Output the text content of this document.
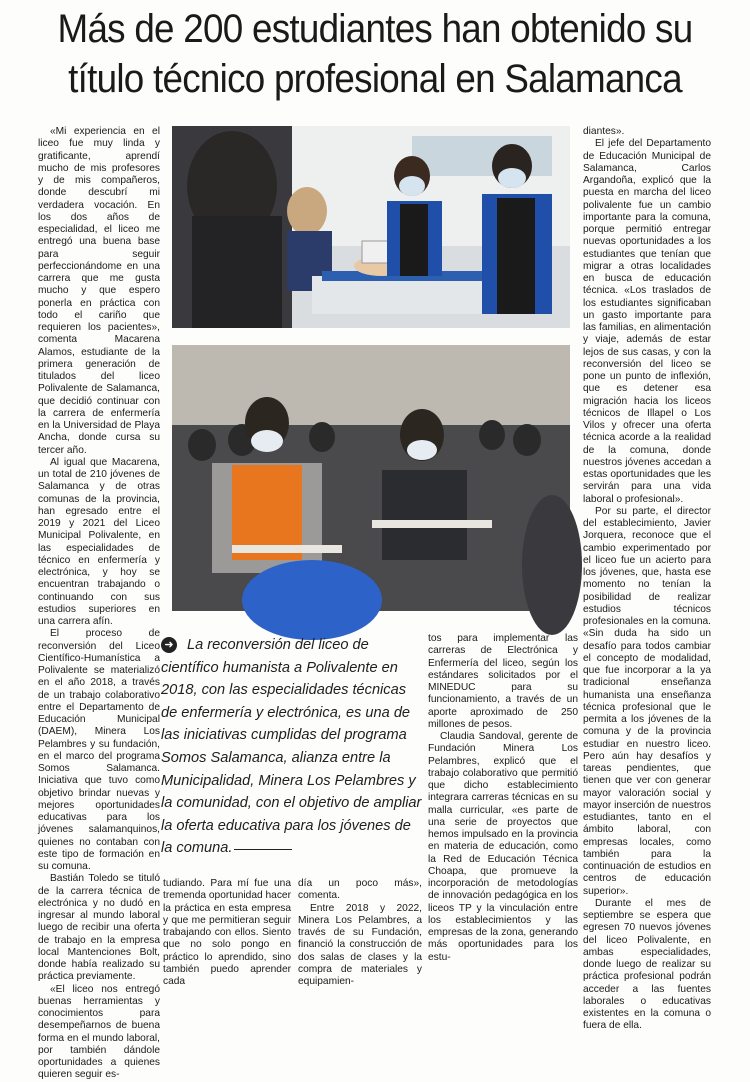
Más de 200 estudiantes han obtenido su
título técnico profesional en Salamanca

«Mi experiencia en el liceo fue muy linda y gratificante, aprendí mucho de mis profesores y de mis compañeros, donde descubrí mi verdadera vocación. En los dos años de especialidad, el liceo me entregó una buena base para seguir perfeccionándome en una carrera que me gusta mucho y que espero ponerla en práctica con todo el cariño que requieren los pacientes», comenta Macarena Alamos, estudiante de la primera generación de titulados del liceo Polivalente de Salamanca, que decidió continuar con la carrera de enfermería en la Universidad de Playa Ancha, donde cursa su tercer año.

Al igual que Macarena, un total de 210 jóvenes de Salamanca y de otras comunas de la provincia, han egresado entre el 2019 y 2021 del Liceo Municipal Polivalente, en las especialidades de técnico en enfermería y electrónica, y hoy se encuentran trabajando o continuando con sus estudios superiores en una carrera afín.

El proceso de reconversión del Liceo Científico-Humanística a Polivalente se materializó en el año 2018, a través de un trabajo colaborativo entre el Departamento de Educación Municipal (DAEM), Minera Los Pelambres y su fundación, en el marco del programa Somos Salamanca. Iniciativa que tuvo como objetivo brindar nuevas y mejores oportunidades educativas para los jóvenes salamanquinos, quienes no contaban con este tipo de formación en su comuna.

Bastián Toledo se tituló de la carrera técnica de electrónica y no dudó en ingresar al mundo laboral luego de recibir una oferta de trabajo en la empresa local Mantenciones Bolt, donde había realizado su práctica previamente.

«El liceo nos entregó buenas herramientas y conocimientos para desempeñarnos de buena forma en el mundo laboral, por también dándole oportunidades a quienes quieren seguir es-

➜ La reconversión del liceo de científico humanista a Polivalente en 2018, con las especialidades técnicas de enfermería y electrónica, es una de las iniciativas cumplidas del programa Somos Salamanca, alianza entre la Municipalidad, Minera Los Pelambres y la comunidad, con el objetivo de ampliar la oferta educativa para los jóvenes de la comuna.

tudiando. Para mí fue una tremenda oportunidad hacer la práctica en esta empresa y que me permitieran seguir trabajando con ellos. Siento que no solo pongo en práctico lo aprendido, sino también puedo aprender cada

día un poco más», comenta.

Entre 2018 y 2022, Minera Los Pelambres, a través de su Fundación, financió la construcción de dos salas de clases y la compra de materiales y equipamien-

tos para implementar las carreras de Electrónica y Enfermería del liceo, según los estándares solicitados por el MINEDUC para su funcionamiento, a través de un aporte aproximado de 250 millones de pesos.

Claudia Sandoval, gerente de Fundación Minera Los Pelambres, explicó que el trabajo colaborativo que permitió que dicho establecimiento integrara carreras técnicas en su malla curricular, «es parte de una serie de proyectos que hemos impulsado en la provincia en materia de educación, como la Red de Educación Técnica Choapa, que promueve la incorporación de metodologías de innovación pedagógica en los liceos TP y la vinculación entre los establecimientos y las empresas de la zona, generando más oportunidades para los estu-

diantes».

El jefe del Departamento de Educación Municipal de Salamanca, Carlos Argandoña, explicó que la puesta en marcha del liceo polivalente fue un cambio importante para la comuna, porque permitió entregar nuevas oportunidades a los estudiantes que tenían que migrar a otras localidades en busca de educación técnica. «Los traslados de los estudiantes significaban un gasto importante para las familias, en alimentación y viaje, además de estar lejos de sus casas, y con la reconversión del liceo se pone un punto de inflexión, que es detener esa migración hacia los liceos técnicos de Illapel o Los Vilos y ofrecer una oferta técnica acorde a la realidad de la comuna, donde nuestros jóvenes accedan a estas oportunidades que les servirán para una vida laboral o profesional».

Por su parte, el director del establecimiento, Javier Jorquera, reconoce que el cambio experimentado por el liceo fue un acierto para los jóvenes, que, hasta ese momento no tenían la posibilidad de realizar estudios técnicos profesionales en la comuna. «Sin duda ha sido un desafío para todos cambiar el concepto de modalidad, que fue incorporar a la ya tradicional enseñanza humanista una enseñanza técnica profesional que le permita a los jóvenes de la comuna y de la provincia estudiar en nuestro liceo. Pero aún hay desafíos y tareas pendientes, que tienen que ver con generar mayor valoración social y mayor inserción de nuestros estudiantes, tanto en el ámbito laboral, con empresas locales, como también para la continuación de estudios en centros de educación superior».

Durante el mes de septiembre se espera que egresen 70 nuevos jóvenes del liceo Polivalente, en ambas especialidades, donde luego de realizar su práctica profesional podrán acceder a las fuentes laborales o educativas existentes en la comuna o fuera de ella.
